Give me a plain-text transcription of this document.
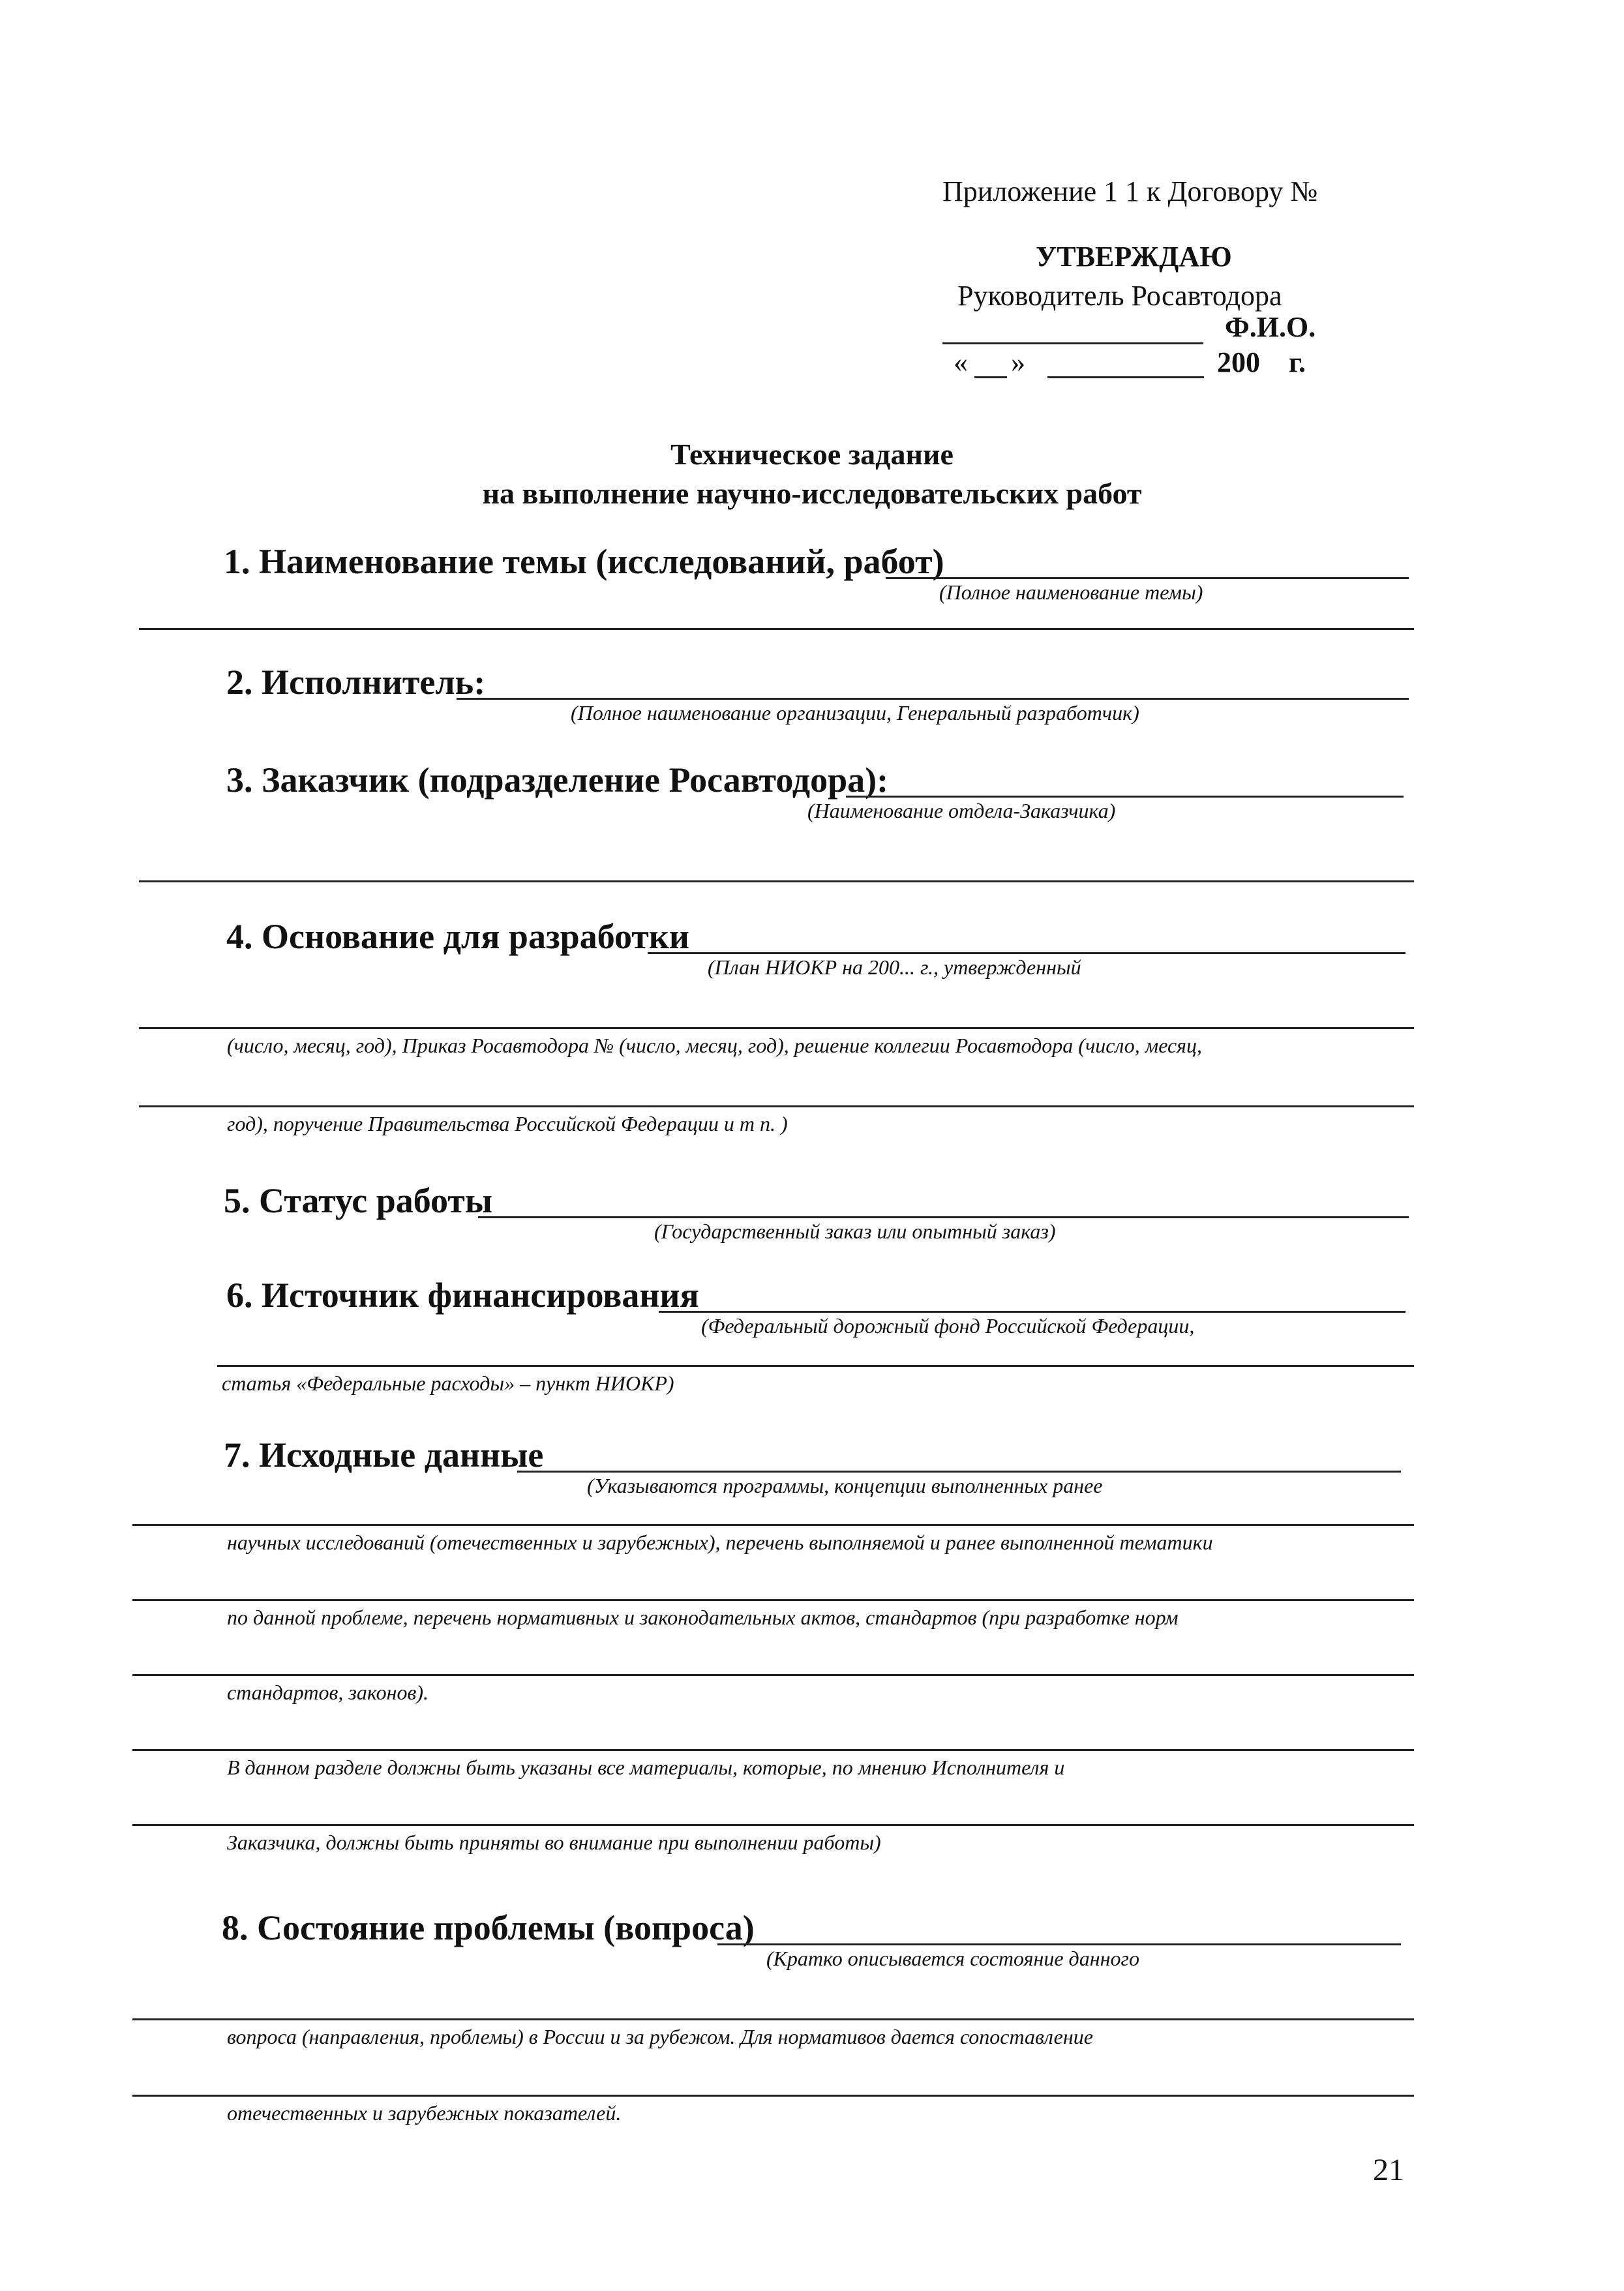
Приложение 1 1 к Договору №
УТВЕРЖДАЮ
Руководитель Росавтодора
Ф.И.О.
« »	200 г.
Техническое задание
на выполнение научно-исследовательских работ
1. Наименование темы (исследований, работ)
(Полное наименование темы)
2. Исполнитель:
(Полное наименование организации, Генеральный разработчик)
3. Заказчик (подразделение Росавтодора):
(Наименование отдела-Заказчика)
4. Основание для разработки
(План НИОКР на 200... г., утвержденный
(число, месяц, год), Приказ Росавтодора № (число, месяц, год), решение коллегии Росавтодора (число, месяц,
год), поручение Правительства Российской Федерации и т п. )
5. Статус работы
(Государственный заказ или опытный заказ)
6. Источник финансирования
(Федеральный дорожный фонд Российской Федерации,
статья «Федеральные расходы» – пункт НИОКР)
7. Исходные данные
(Указываются программы, концепции выполненных ранее
научных исследований (отечественных и зарубежных), перечень выполняемой и ранее выполненной тематики
по данной проблеме, перечень нормативных и законодательных актов, стандартов (при разработке норм
стандартов, законов).
В данном разделе должны быть указаны все материалы, которые, по мнению Исполнителя и
Заказчика, должны быть приняты во внимание при выполнении работы)
8. Состояние проблемы (вопроса)
(Кратко описывается состояние данного
вопроса (направления, проблемы) в России и за рубежом. Для нормативов дается сопоставление
отечественных и зарубежных показателей.
21
